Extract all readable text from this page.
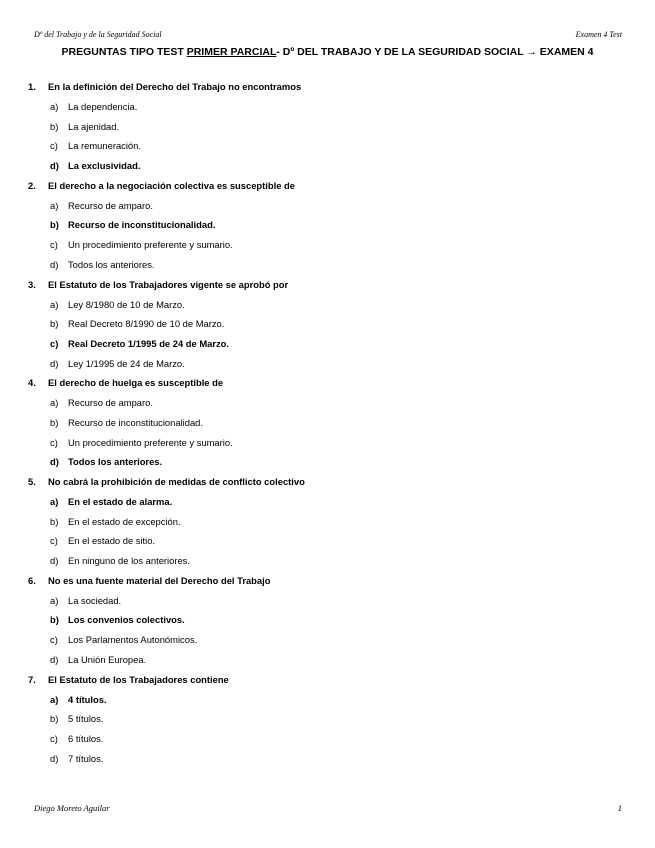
Dº del Trabajo y de la Seguridad Social	Examen 4 Test
PREGUNTAS TIPO TEST PRIMER PARCIAL- Dº DEL TRABAJO Y DE LA SEGURIDAD SOCIAL → EXAMEN 4
1. En la definición del Derecho del Trabajo no encontramos
a) La dependencia.
b) La ajenidad.
c) La remuneración.
d) La exclusividad.
2. El derecho a la negociación colectiva es susceptible de
a) Recurso de amparo.
b) Recurso de inconstitucionalidad.
c) Un procedimiento preferente y sumario.
d) Todos los anteriores.
3. El Estatuto de los Trabajadores vigente se aprobó por
a) Ley 8/1980 de 10 de Marzo.
b) Real Decreto 8/1990 de 10 de Marzo.
c) Real Decreto 1/1995 de 24 de Marzo.
d) Ley 1/1995 de 24 de Marzo.
4. El derecho de huelga es susceptible de
a) Recurso de amparo.
b) Recurso de inconstitucionalidad.
c) Un procedimiento preferente y sumario.
d) Todos los anteriores.
5. No cabrá la prohibición de medidas de conflicto colectivo
a) En el estado de alarma.
b) En el estado de excepción.
c) En el estado de sitio.
d) En ninguno de los anteriores.
6. No es una fuente material del Derecho del Trabajo
a) La sociedad.
b) Los convenios colectivos.
c) Los Parlamentos Autonómicos.
d) La Unión Europea.
7. El Estatuto de los Trabajadores contiene
a) 4 títulos.
b) 5 títulos.
c) 6 títulos.
d) 7 títulos.
Diego Moreto Aguilar	1
